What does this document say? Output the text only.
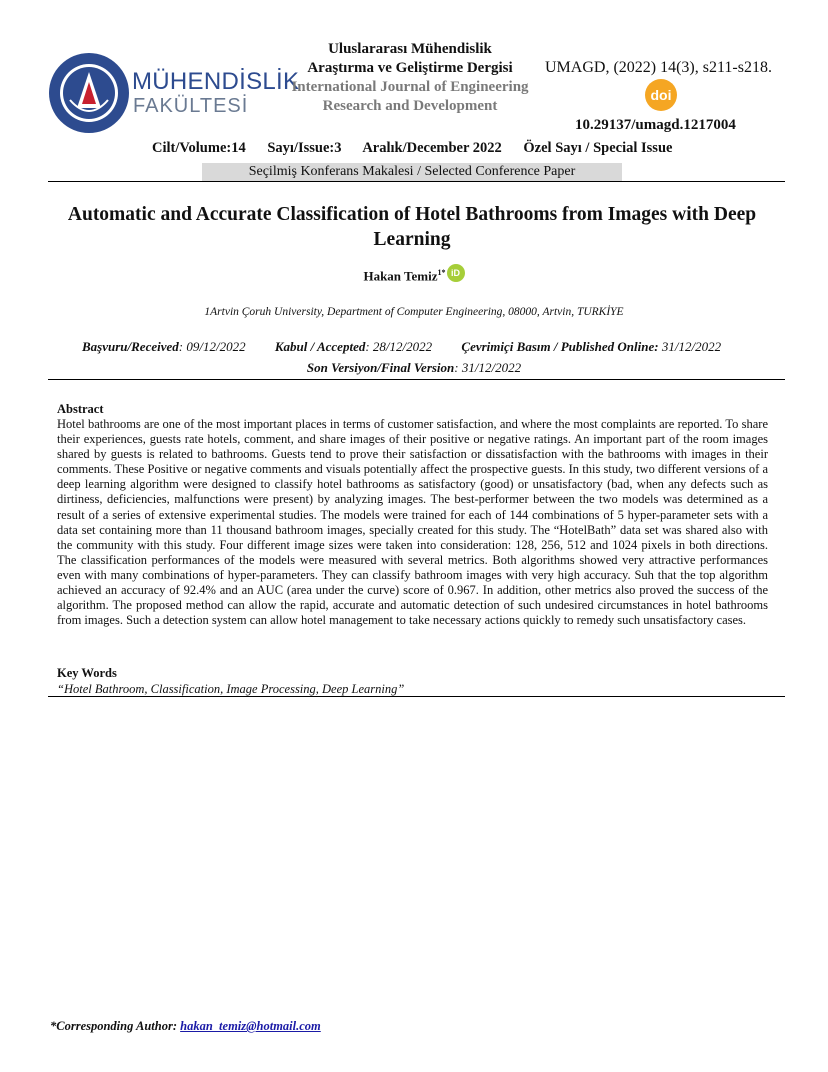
MÜHENDİSLİK
FAKÜLTESİ
Uluslararası Mühendislik
Araştırma ve Geliştirme Dergisi
International Journal of Engineering Research and Development
UMAGD, (2022) 14(3), s211-s218.
doi
10.29137/umagd.1217004
Cilt/Volume:14 Sayı/Issue:3 Aralık/December 2022 Özel Sayı / Special Issue
Seçilmiş Konferans Makalesi / Selected Conference Paper
Automatic and Accurate Classification of Hotel Bathrooms from Images with Deep Learning
Hakan Temiz$^{1*}$ iD
1Artvin Çoruh University, Department of Computer Engineering, 08000, Artvin, TURKİYE
Başvuru/Received: 09/12/2022 Kabul / Accepted: 28/12/2022 Çevrimiçi Basım / Published Online: 31/12/2022
Son Versiyon/Final Version: 31/12/2022
Abstract
Hotel bathrooms are one of the most important places in terms of customer satisfaction, and where the most complaints are reported. To share their experiences, guests rate hotels, comment, and share images of their positive or negative ratings. An important part of the room images shared by guests is related to bathrooms. Guests tend to prove their satisfaction or dissatisfaction with the bathrooms with images in their comments. These Positive or negative comments and visuals potentially affect the prospective guests. In this study, two different versions of a deep learning algorithm were designed to classify hotel bathrooms as satisfactory (good) or unsatisfactory (bad, when any defects such as dirtiness, deficiencies, malfunctions were present) by analyzing images. The best-performer between the two models was determined as a result of a series of extensive experimental studies. The models were trained for each of 144 combinations of 5 hyper-parameter sets with a data set containing more than 11 thousand bathroom images, specially created for this study. The “HotelBath” data set was shared also with the community with this study. Four different image sizes were taken into consideration: 128, 256, 512 and 1024 pixels in both directions. The classification performances of the models were measured with several metrics. Both algorithms showed very attractive performances even with many combinations of hyper-parameters. They can classify bathroom images with very high accuracy. Suh that the top algorithm achieved an accuracy of 92.4% and an AUC (area under the curve) score of 0.967. In addition, other metrics also proved the success of the algorithm. The proposed method can allow the rapid, accurate and automatic detection of such undesired circumstances in hotel bathrooms from images. Such a detection system can allow hotel management to take necessary actions quickly to remedy such unsatisfactory cases.
Key Words
“Hotel Bathroom, Classification, Image Processing, Deep Learning”
*Corresponding Author: hakan_temiz@hotmail.com
